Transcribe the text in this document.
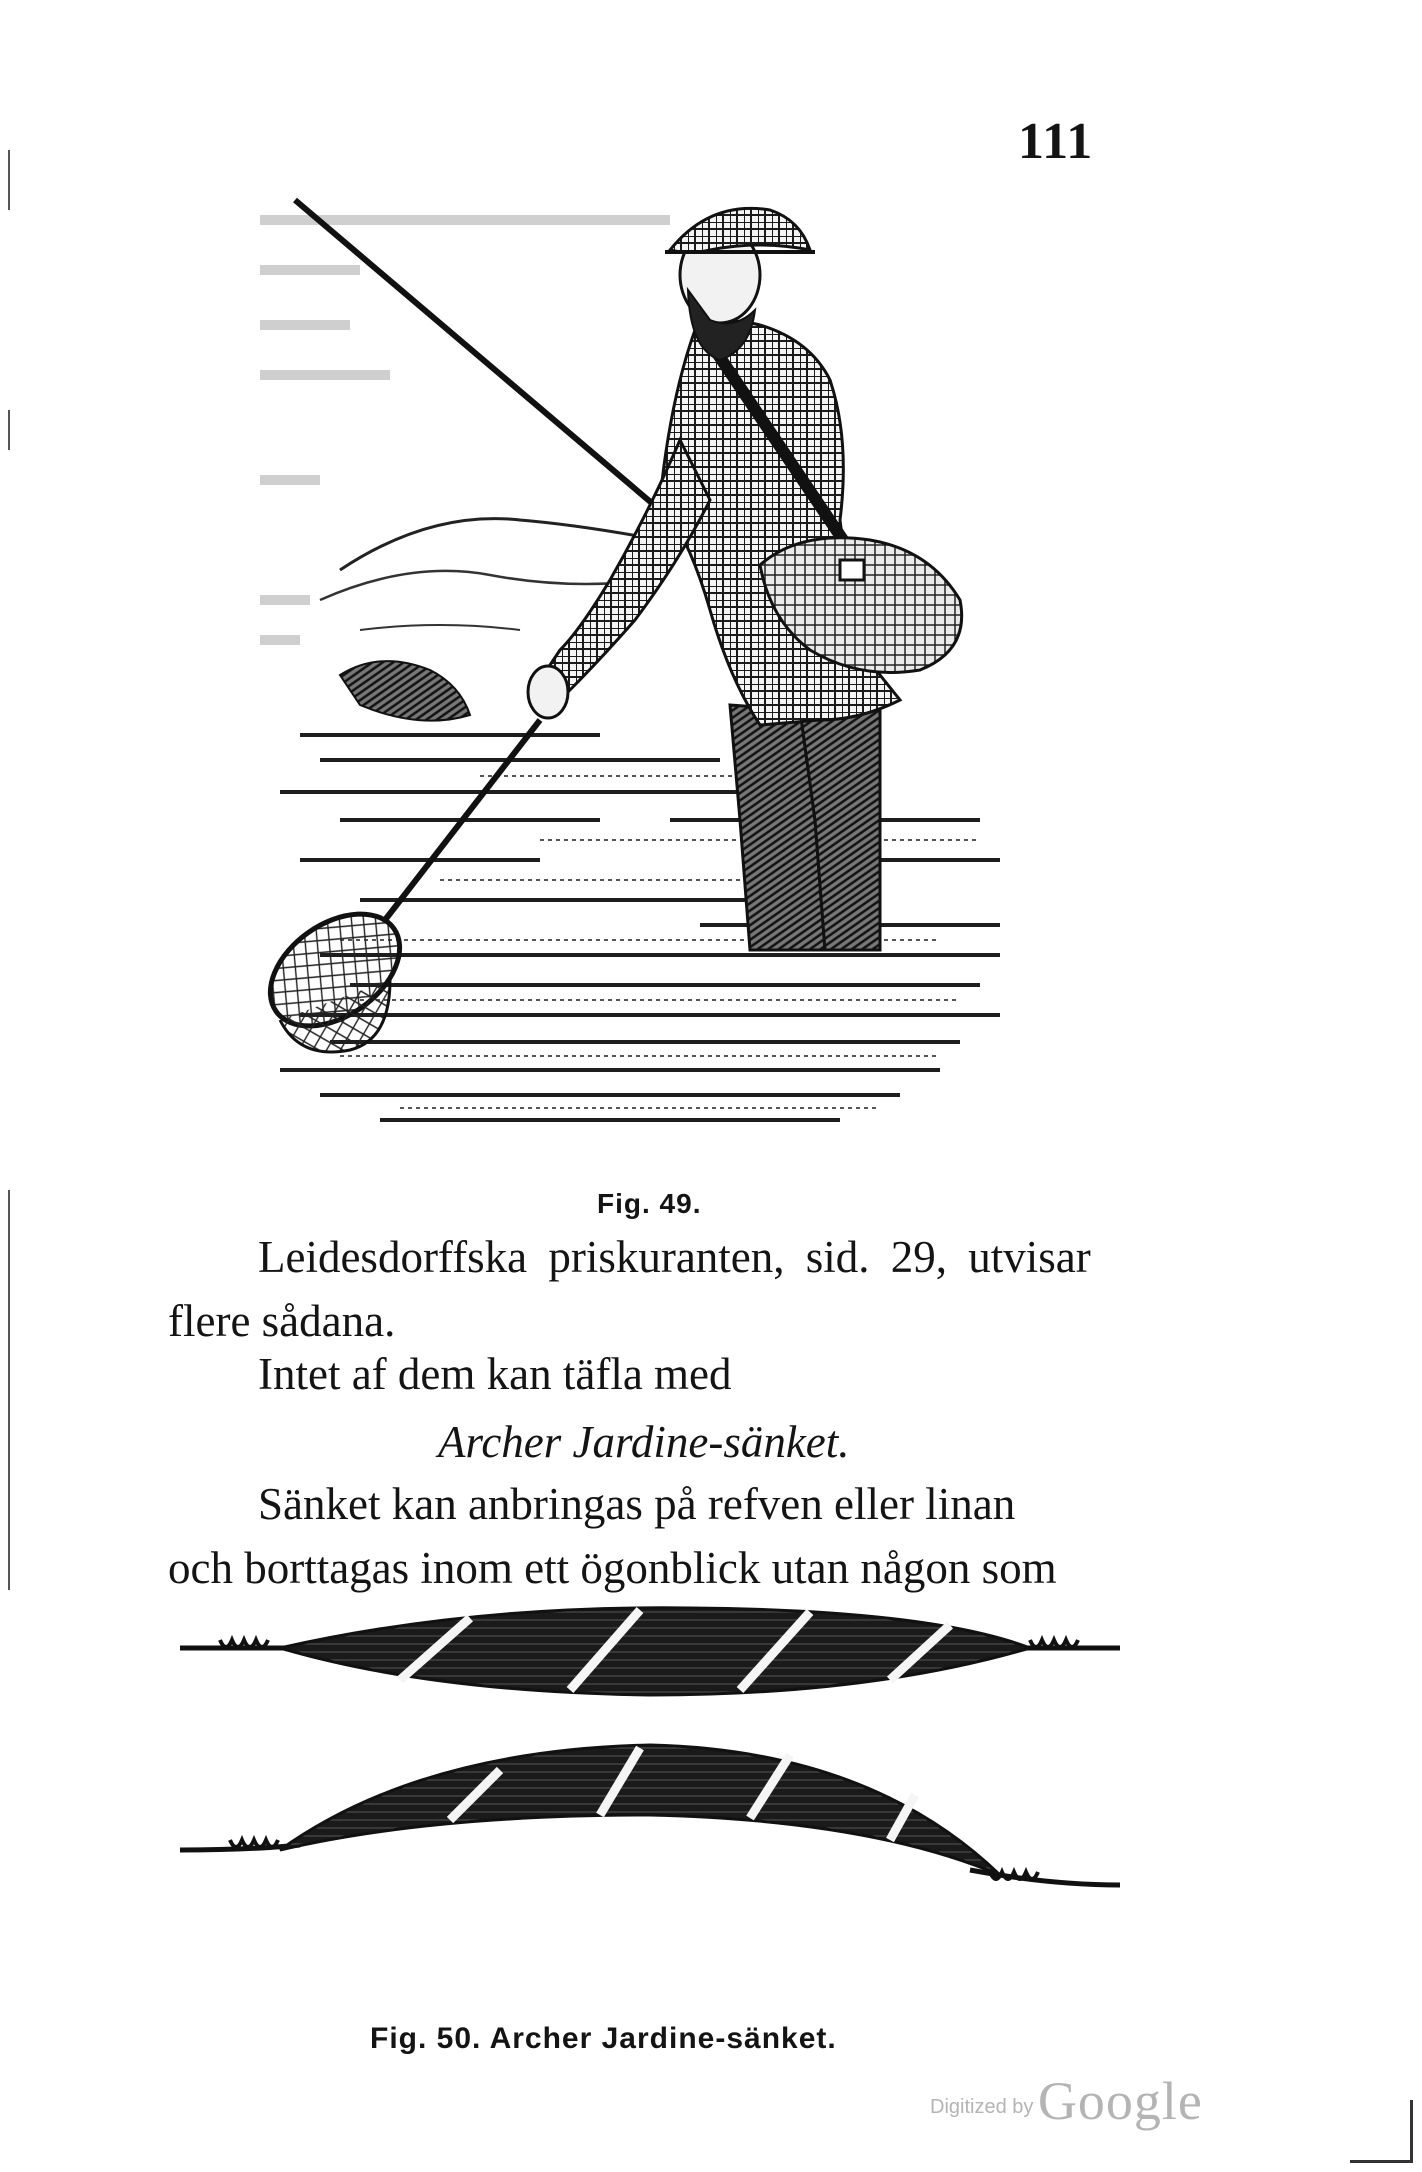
111
Fig. 49.
Leidesdorffska priskuranten, sid. 29, utvisar
flere sådana.
Intet af dem kan täfla med
Archer Jardine-sänket.
Sänket kan anbringas på refven eller linan
och borttagas inom ett ögonblick utan någon som
Fig. 50. Archer Jardine-sänket.
Digitized by Google
